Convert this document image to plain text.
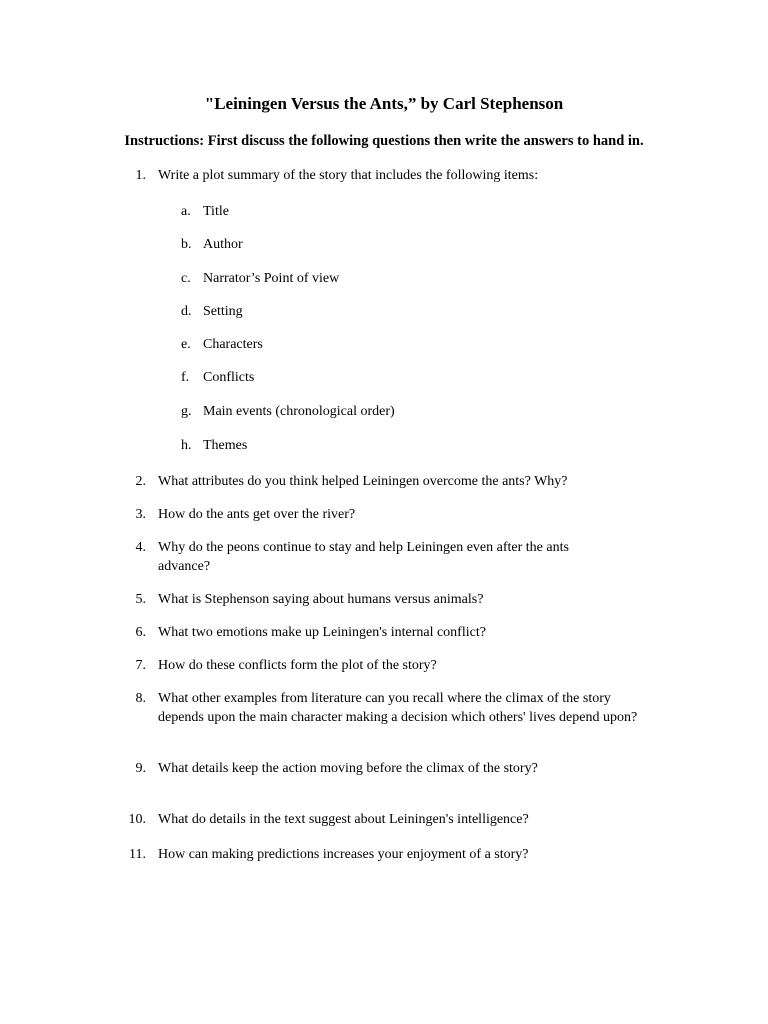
"Leiningen Versus the Ants,” by Carl Stephenson
Instructions: First discuss the following questions then write the answers to hand in.
1. Write a plot summary of the story that includes the following items:
a. Title
b. Author
c. Narrator’s Point of view
d. Setting
e. Characters
f. Conflicts
g. Main events (chronological order)
h. Themes
2. What attributes do you think helped Leiningen overcome the ants? Why?
3. How do the ants get over the river?
4. Why do the peons continue to stay and help Leiningen even after the ants advance?
5. What is Stephenson saying about humans versus animals?
6. What two emotions make up Leiningen's internal conflict?
7. How do these conflicts form the plot of the story?
8. What other examples from literature can you recall where the climax of the story depends upon the main character making a decision which others' lives depend upon?
9. What details keep the action moving before the climax of the story?
10. What do details in the text suggest about Leiningen's intelligence?
11. How can making predictions increases your enjoyment of a story?
